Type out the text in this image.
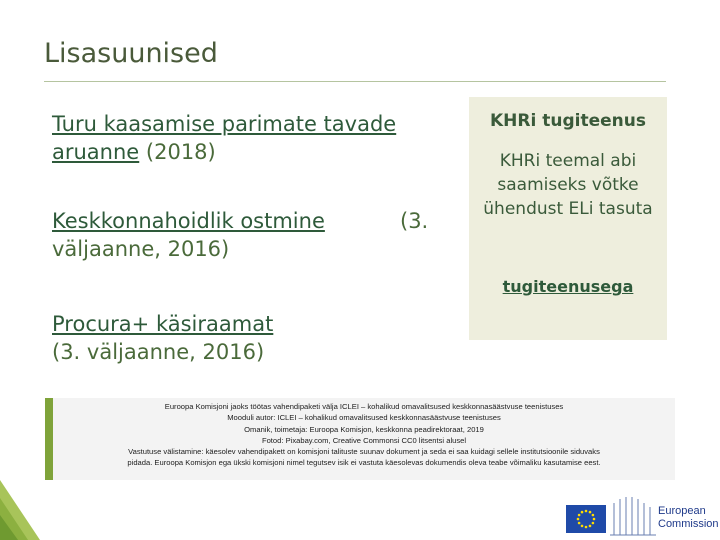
Lisasuunised
Turu kaasamise parimate tavade aruanne (2018)
Keskkonnahoidlik ostmine
väljaanne, 2016)
(3.
Procura+ käsiraamat
(3. väljaanne, 2016)
KHRi tugiteenus
KHRi teemal abi saamiseks võtke ühendust ELi tasuta
tugiteenusega
Euroopa Komisjoni jaoks töötas vahendipaketi välja ICLEI – kohalikud omavalitsused keskkonnasäästvuse teenistuses
Mooduli autor: ICLEI – kohalikud omavalitsused keskkonnasäästvuse teenistuses
Omanik, toimetaja: Euroopa Komisjon, keskkonna peadirektoraat, 2019
Fotod: Pixabay.com, Creative Commonsi CC0 litsentsi alusel
Vastutuse välistamine: käesolev vahendipakett on komisjoni talituste suunav dokument ja seda ei saa kuidagi sellele institutsioonile siduvaks
pidada. Euroopa Komisjon ega ükski komisjoni nimel tegutsev isik ei vastuta käesolevas dokumendis oleva teabe võimaliku kasutamise eest.
European
Commission
